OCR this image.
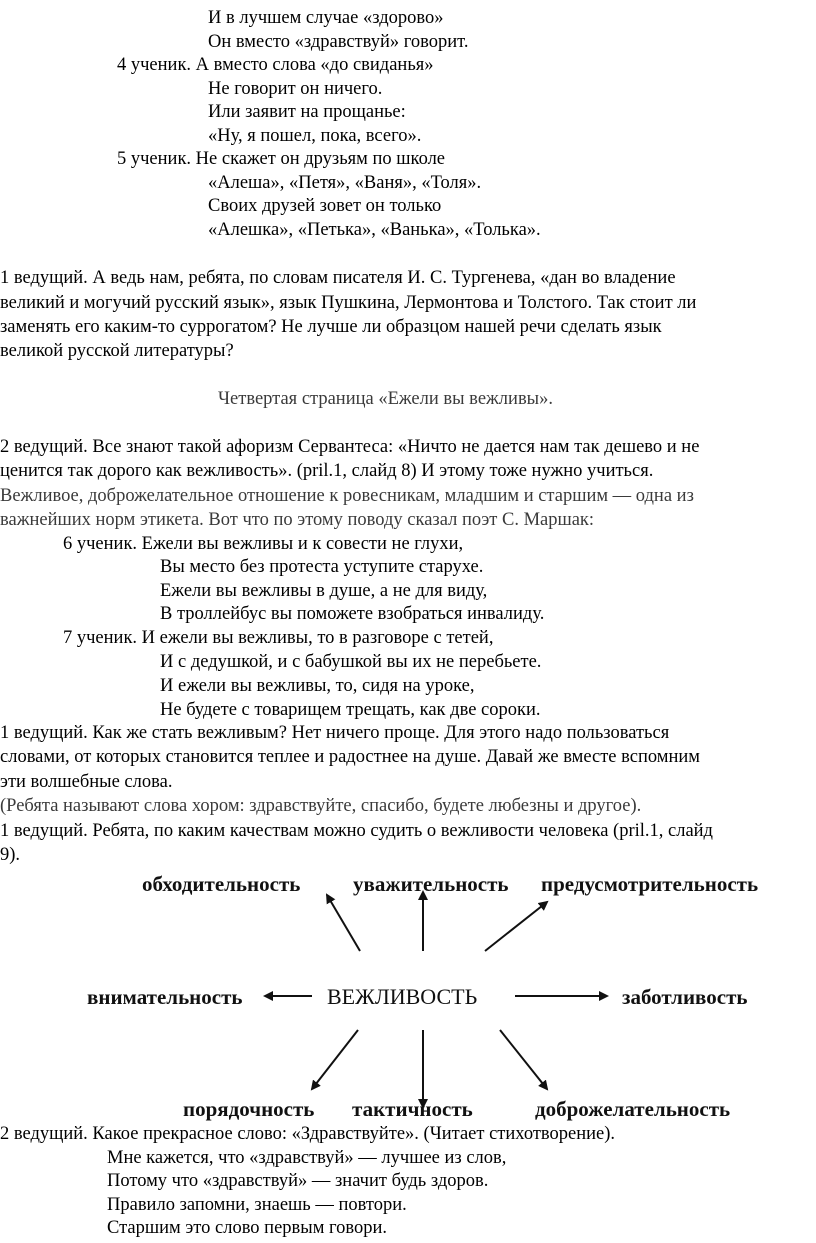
И в лучшем случае «здорово»
Он вместо «здравствуй» говорит.
4 ученик. А вместо слова «до свиданья»
Не говорит он ничего.
Или заявит на прощанье:
«Ну, я пошел, пока, всего».
5 ученик. Не скажет он друзьям по школе
«Алеша», «Петя», «Ваня», «Толя».
Своих друзей зовет он только
«Алешка», «Петька», «Ванька», «Толька».
1 ведущий. А ведь нам, ребята, по словам писателя И. С. Тургенева, «дан во владение
великий и могучий русский язык», язык Пушкина, Лермонтова и Толстого. Так стоит ли
заменять его каким-то суррогатом? Не лучше ли образцом нашей речи сделать язык
великой русской литературы?
Четвертая страница «Ежели вы вежливы».
2 ведущий. Все знают такой афоризм Сервантеса: «Ничто не дается нам так дешево и не
ценится так дорого как вежливость». (pril.1, слайд 8) И этому тоже нужно учиться.
Вежливое, доброжелательное отношение к ровесникам, младшим и старшим — одна из
важнейших норм этикета. Вот что по этому поводу сказал поэт С. Маршак:
6 ученик. Ежели вы вежливы и к совести не глухи,
Вы место без протеста уступите старухе.
Ежели вы вежливы в душе, а не для виду,
В троллейбус вы поможете взобраться инвалиду.
7 ученик. И ежели вы вежливы, то в разговоре с тетей,
И с дедушкой, и с бабушкой вы их не перебьете.
И ежели вы вежливы, то, сидя на уроке,
Не будете с товарищем трещать, как две сороки.
1 ведущий. Как же стать вежливым? Нет ничего проще. Для этого надо пользоваться
словами, от которых становится теплее и радостнее на душе. Давай же вместе вспомним
эти волшебные слова.
(Ребята называют слова хором: здравствуйте, спасибо, будете любезны и другое).
1 ведущий. Ребята, по каким качествам можно судить о вежливости человека (pril.1, слайд
9).
обходительность	уважительность предусмотрительность
внимательность	ВЕЖЛИВОСТЬ	заботливость
порядочность тактичность	доброжелательность
2 ведущий. Какое прекрасное слово: «Здравствуйте». (Читает стихотворение).
Мне кажется, что «здравствуй» — лучшее из слов,
Потому что «здравствуй» — значит будь здоров.
Правило запомни, знаешь — повтори.
Старшим это слово первым говори.
